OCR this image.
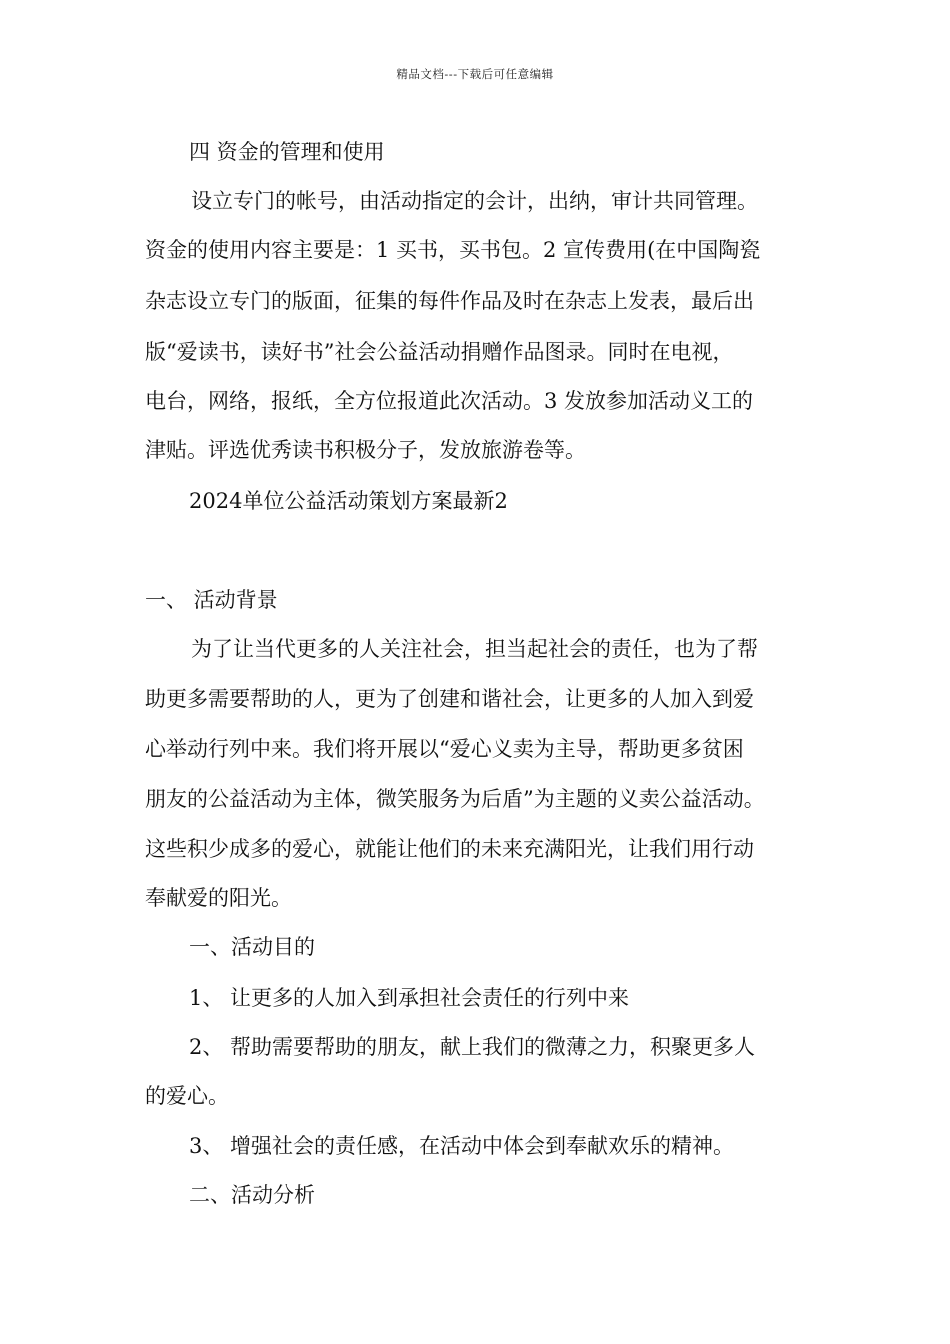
精品文档---下载后可任意编辑
四 资金的管理和使用
设立专门的帐号，由活动指定的会计，出纳，审计共同管理。
资金的使用内容主要是：1 买书，买书包。2 宣传费用(在中国陶瓷
杂志设立专门的版面，征集的每件作品及时在杂志上发表，最后出
版“爱读书，读好书”社会公益活动捐赠作品图录。同时在电视，
电台，网络，报纸，全方位报道此次活动。3 发放参加活动义工的
津贴。评选优秀读书积极分子，发放旅游卷等。
2024单位公益活动策划方案最新2
一、 活动背景
为了让当代更多的人关注社会，担当起社会的责任，也为了帮
助更多需要帮助的人，更为了创建和谐社会，让更多的人加入到爱
心举动行列中来。我们将开展以“爱心义卖为主导，帮助更多贫困
朋友的公益活动为主体，微笑服务为后盾”为主题的义卖公益活动。
这些积少成多的爱心，就能让他们的未来充满阳光，让我们用行动
奉献爱的阳光。
一、活动目的
1、 让更多的人加入到承担社会责任的行列中来
2、 帮助需要帮助的朋友，献上我们的微薄之力，积聚更多人
的爱心。
3、 增强社会的责任感，在活动中体会到奉献欢乐的精神。
二、活动分析
